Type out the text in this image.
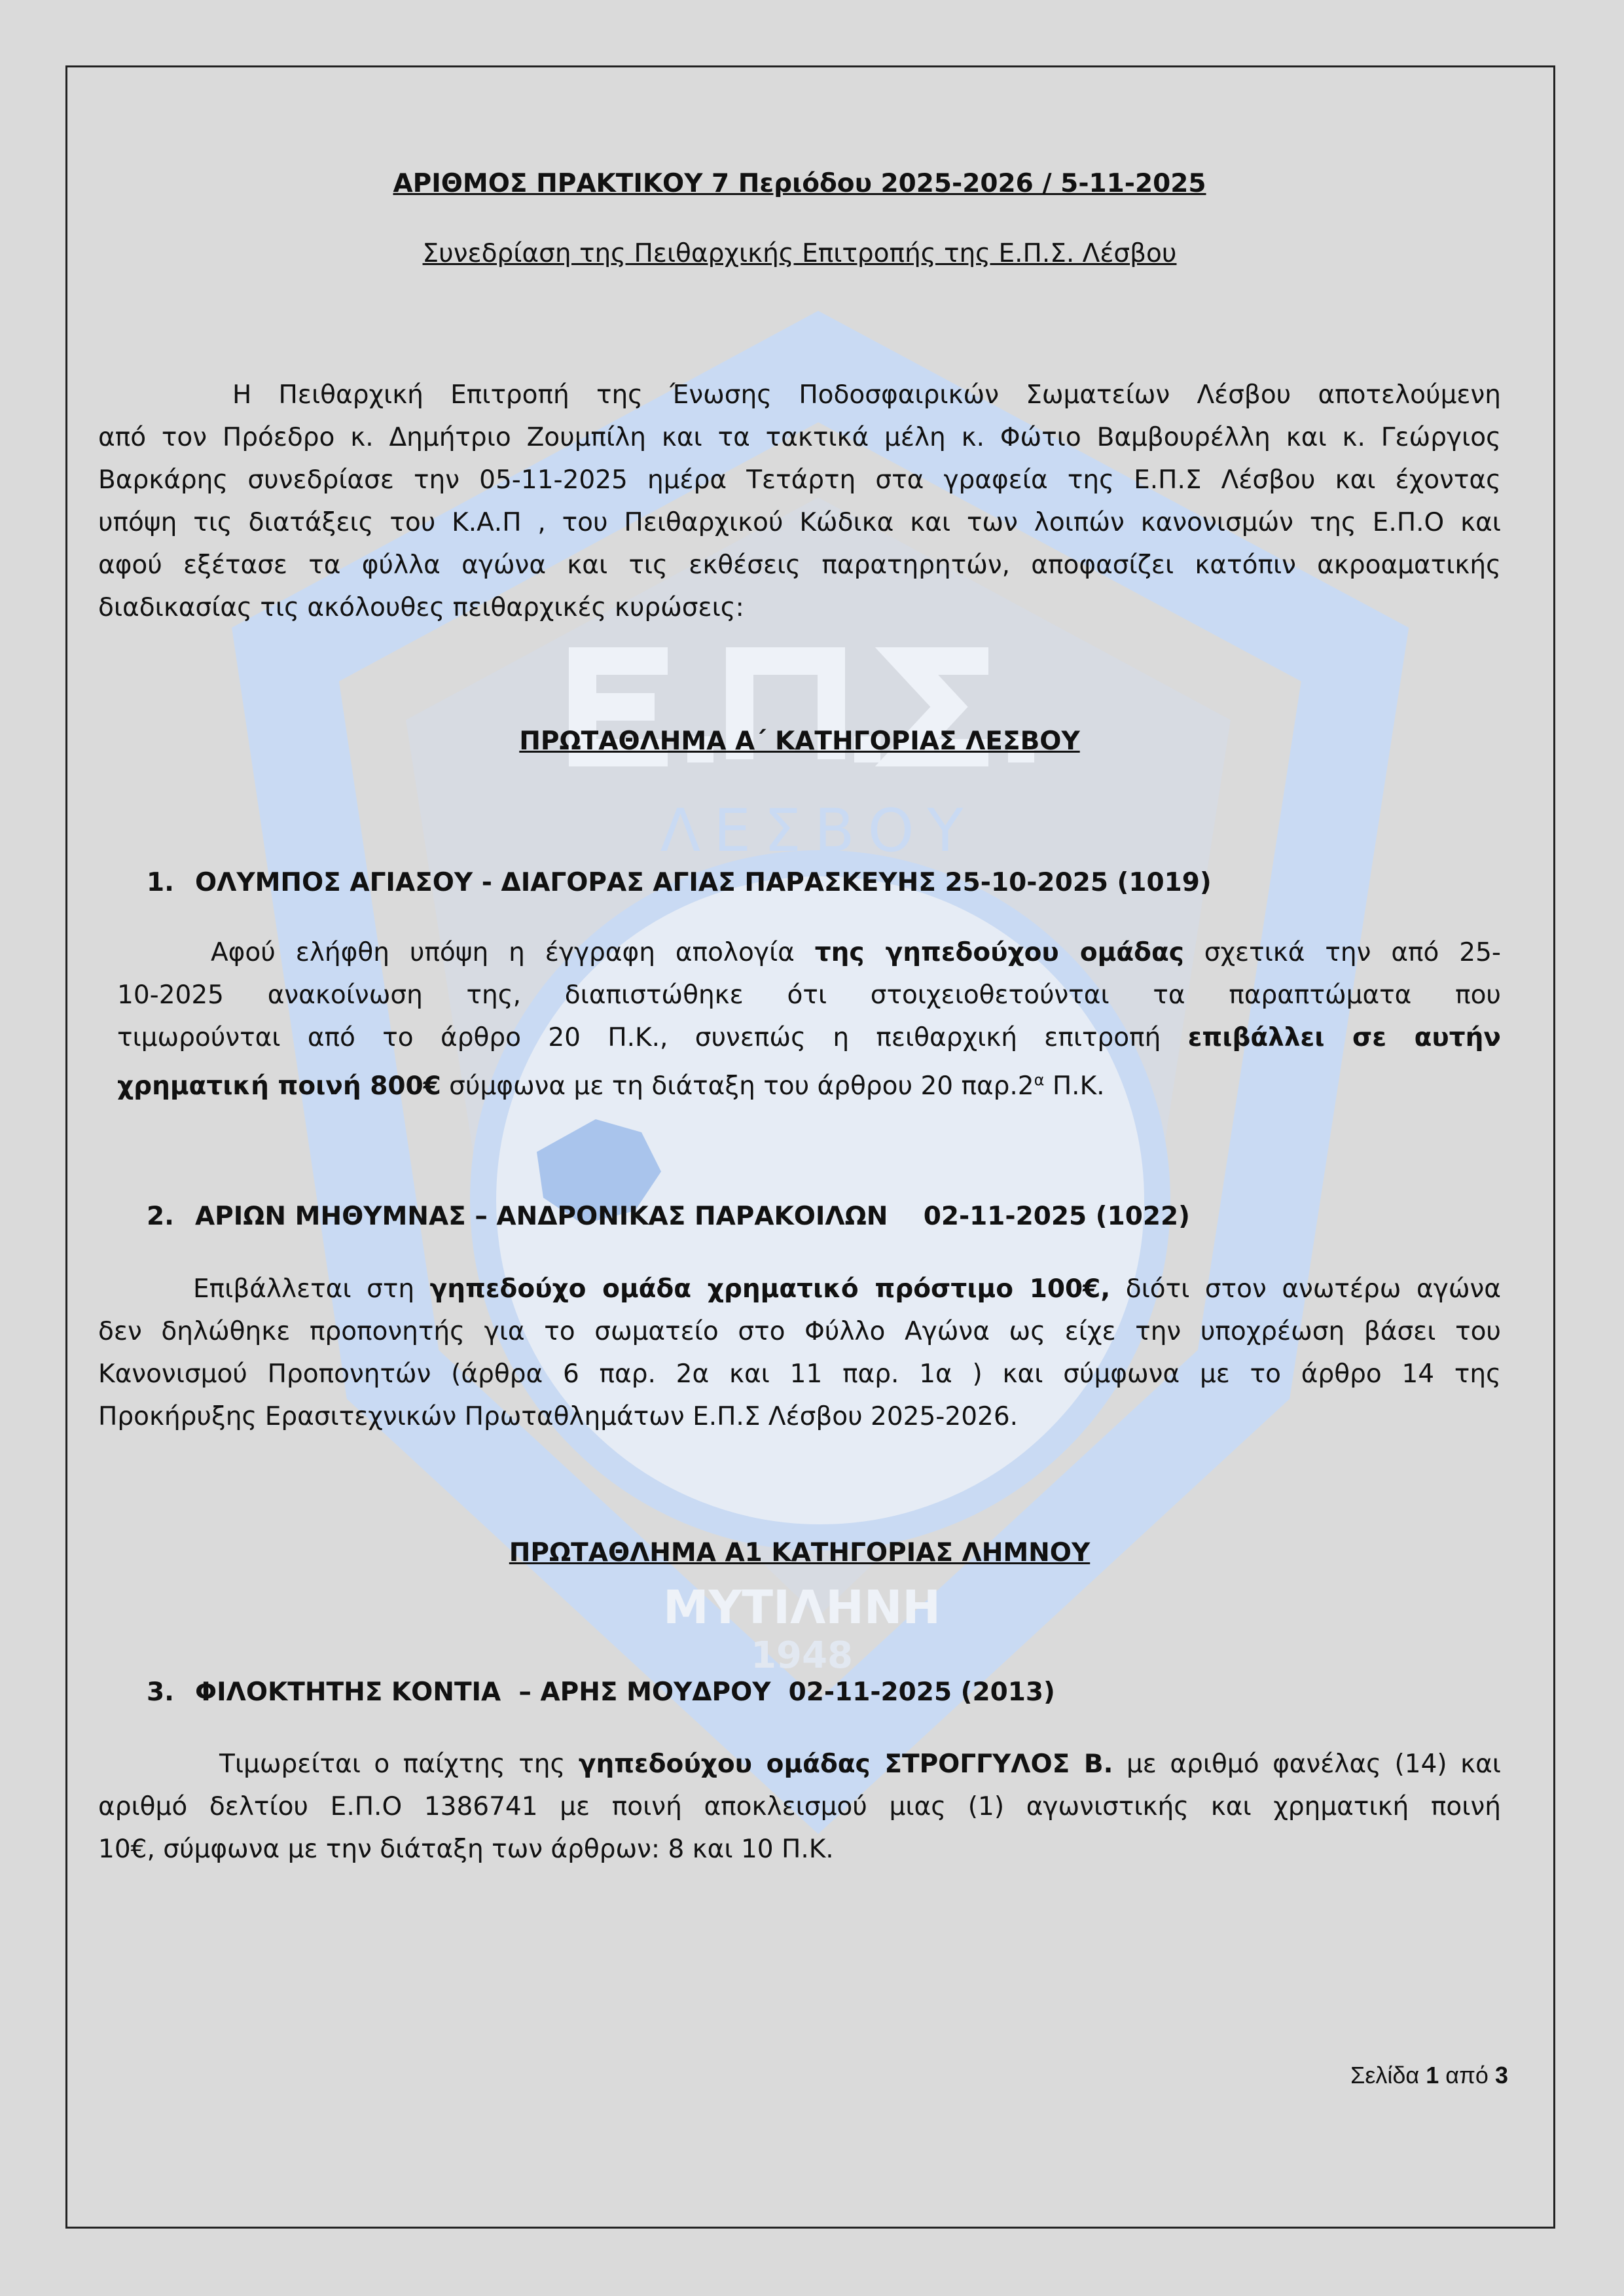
ΛΕΣΒΟΥ
ΜΥΤΙΛΗΝΗ
1948
ΑΡΙΘΜΟΣ ΠΡΑΚΤΙΚΟΥ 7 Περιόδου 2025-2026 / 5-11-2025
Συνεδρίαση της Πειθαρχικής Επιτροπής της Ε.Π.Σ. Λέσβου
Η Πειθαρχική Επιτροπή της Ένωσης Ποδοσφαιρικών Σωματείων Λέσβου αποτελούμενη
από τον Πρόεδρο κ. Δημήτριο Ζουμπίλη και τα τακτικά μέλη κ. Φώτιο Βαμβουρέλλη και κ. Γεώργιος
Βαρκάρης συνεδρίασε την 05-11-2025 ημέρα Τετάρτη στα γραφεία της Ε.Π.Σ Λέσβου και έχοντας
υπόψη τις διατάξεις του Κ.Α.Π , του Πειθαρχικού Κώδικα και των λοιπών κανονισμών της Ε.Π.Ο και
αφού εξέτασε τα φύλλα αγώνα και τις εκθέσεις παρατηρητών, αποφασίζει κατόπιν ακροαματικής
διαδικασίας τις ακόλουθες πειθαρχικές κυρώσεις:
ΠΡΩΤΑΘΛΗΜΑ Α΄ ΚΑΤΗΓΟΡΙΑΣ ΛΕΣΒΟΥ
1. ΟΛΥΜΠΟΣ ΑΓΙΑΣΟΥ - ΔΙΑΓΟΡΑΣ ΑΓΙΑΣ ΠΑΡΑΣΚΕΥΗΣ 25-10-2025 (1019)
Αφού ελήφθη υπόψη η έγγραφη απολογία της γηπεδούχου ομάδας σχετικά την από 25-
10-2025 ανακοίνωση της, διαπιστώθηκε ότι στοιχειοθετούνται τα παραπτώματα που
τιμωρούνται από το άρθρο 20 Π.Κ., συνεπώς η πειθαρχική επιτροπή επιβάλλει σε αυτήν
χρηματική ποινή 800€ σύμφωνα με τη διάταξη του άρθρου 20 $\pi\alpha\rho.2^\alpha$ Π.Κ.
2. ΑΡΙΩΝ ΜΗΘΥΜΝΑΣ – ΑΝΔΡΟΝΙΚΑΣ ΠΑΡΑΚΟΙΛΩΝ    02-11-2025 (1022)
Επιβάλλεται στη γηπεδούχο ομάδα χρηματικό πρόστιμο 100€, διότι στον ανωτέρω αγώνα
δεν δηλώθηκε προπονητής για το σωματείο στο Φύλλο Αγώνα ως είχε την υποχρέωση βάσει του
Κανονισμού Προπονητών (άρθρα 6 παρ. 2α και 11 παρ. 1α ) και σύμφωνα με το άρθρο 14 της
Προκήρυξης Ερασιτεχνικών Πρωταθλημάτων Ε.Π.Σ Λέσβου 2025-2026.
ΠΡΩΤΑΘΛΗΜΑ Α1 ΚΑΤΗΓΟΡΙΑΣ ΛΗΜΝΟΥ
3. ΦΙΛΟΚΤΗΤΗΣ ΚΟΝΤΙΑ  – ΑΡΗΣ ΜΟΥΔΡΟΥ  02-11-2025 (2013)
Τιμωρείται ο παίχτης της γηπεδούχου ομάδας ΣΤΡΟΓΓΥΛΟΣ Β. με αριθμό φανέλας (14) και
αριθμό δελτίου Ε.Π.Ο 1386741 με ποινή αποκλεισμού μιας (1) αγωνιστικής και χρηματική ποινή
10€, σύμφωνα με την διάταξη των άρθρων: 8 και 10 Π.Κ.
Σελίδα 1 από 3
